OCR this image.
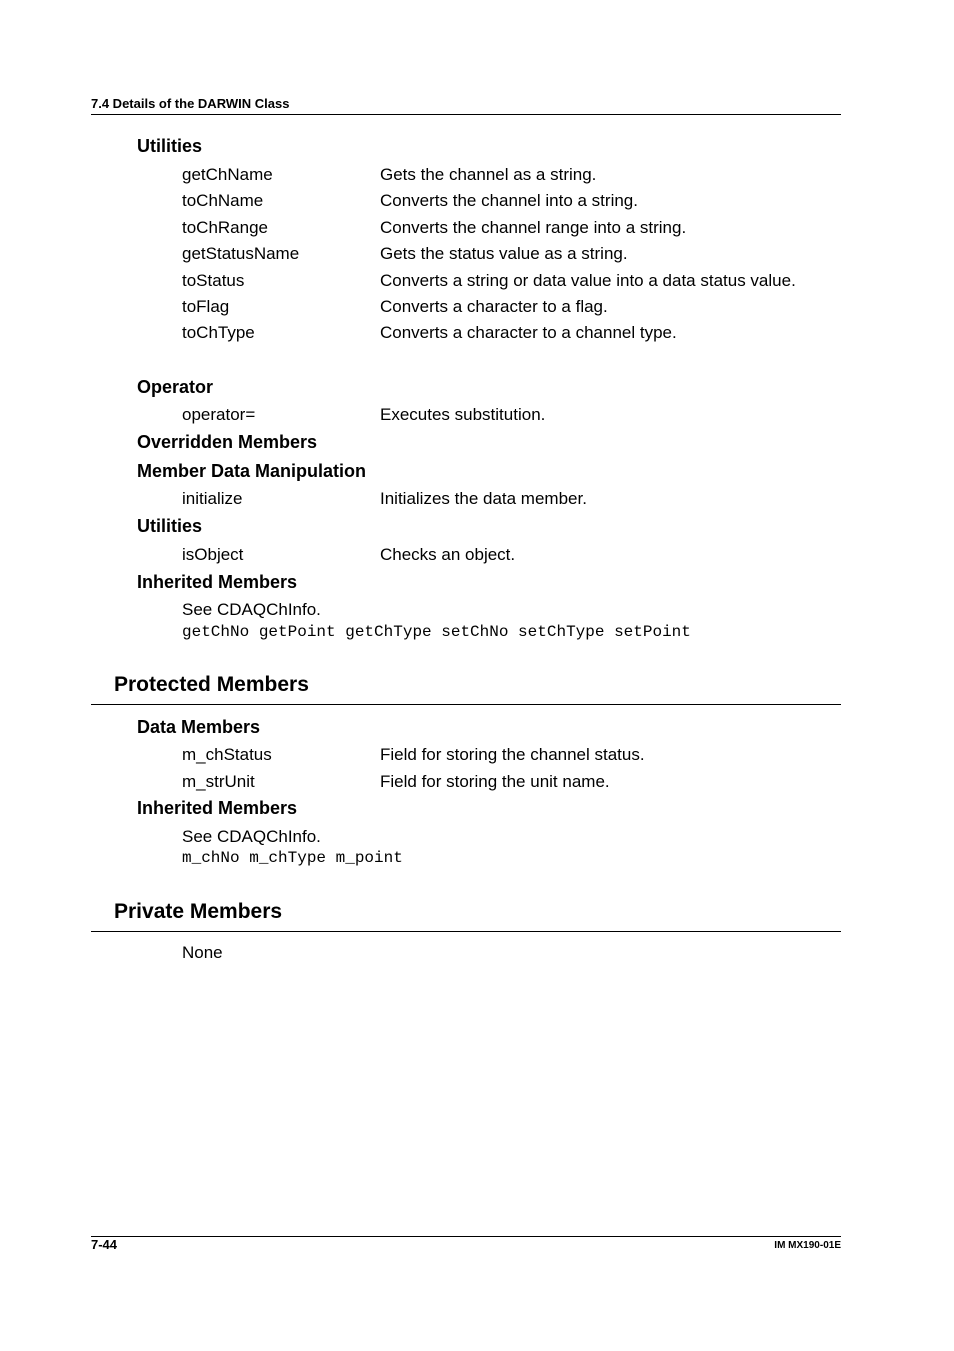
7.4 Details of the DARWIN Class
Utilities
getChName	Gets the channel as a string.
toChName	Converts the channel into a string.
toChRange	Converts the channel range into a string.
getStatusName	Gets the status value as a string.
toStatus	Converts a string or data value into a data status value.
toFlag	Converts a character to a flag.
toChType	Converts a character to a channel type.
Operator
operator=	Executes substitution.
Overridden Members
Member Data Manipulation
initialize	Initializes the data member.
Utilities
isObject	Checks an object.
Inherited Members
See CDAQChInfo.
getChNo getPoint getChType setChNo setChType setPoint
Protected Members
Data Members
m_chStatus	Field for storing the channel status.
m_strUnit	Field for storing the unit name.
Inherited Members
See CDAQChInfo.
m_chNo m_chType m_point
Private Members
None
7-44	IM MX190-01E
